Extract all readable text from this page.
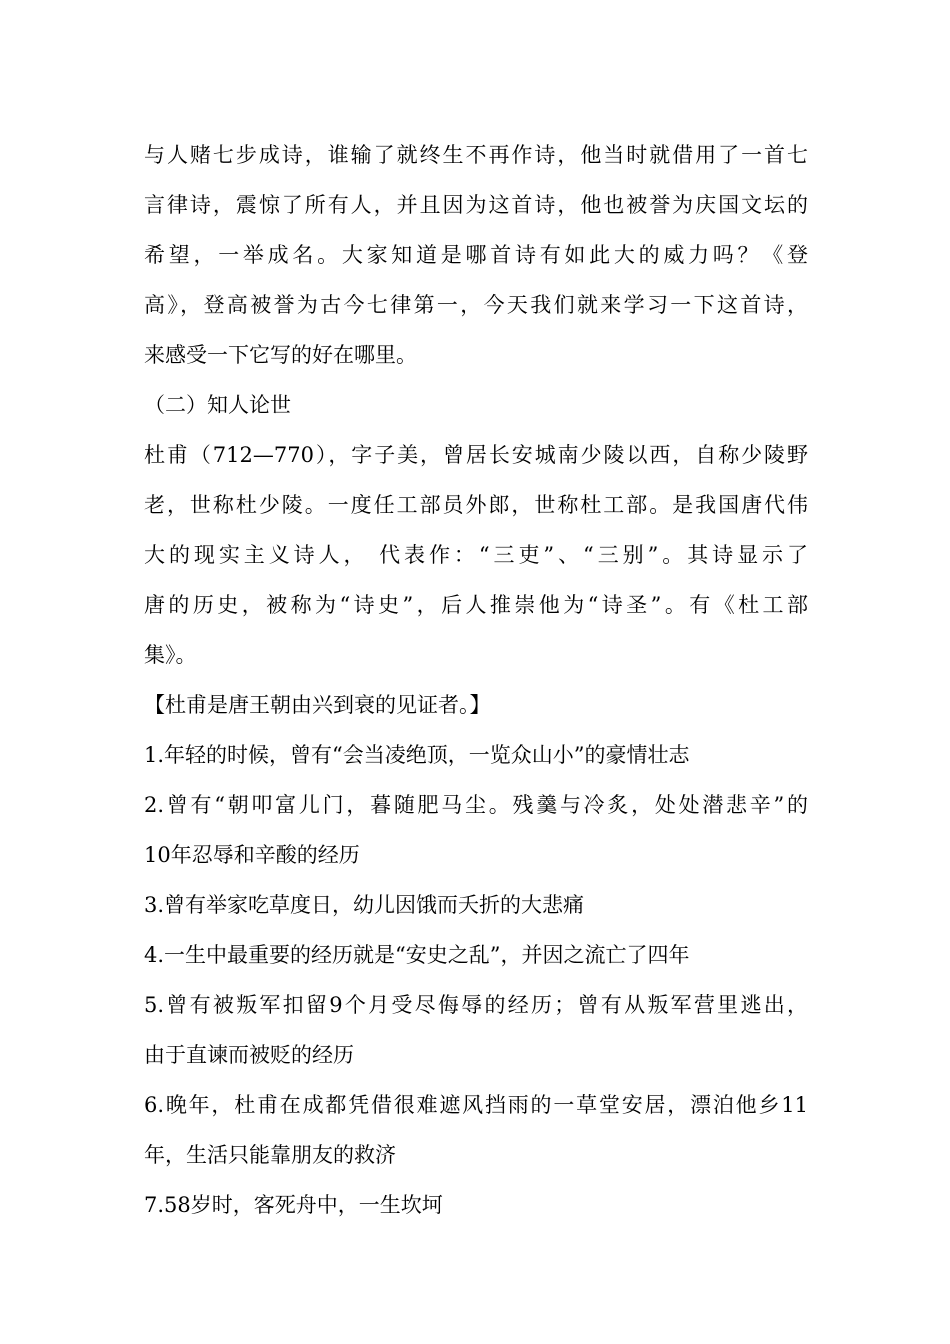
与人赌七步成诗，谁输了就终生不再作诗，他当时就借用了一首七
言律诗，震惊了所有人，并且因为这首诗，他也被誉为庆国文坛的
希望，一举成名。大家知道是哪首诗有如此大的威力吗？《登
高》，登高被誉为古今七律第一，今天我们就来学习一下这首诗，
来感受一下它写的好在哪里。
（二）知人论世
杜甫（712—770），字子美，曾居长安城南少陵以西，自称少陵野
老，世称杜少陵。一度任工部员外郎，世称杜工部。是我国唐代伟
大的现实主义诗人， 代表作：“三吏”、“三别”。其诗显示了
唐的历史，被称为“诗史”，后人推崇他为“诗圣”。有《杜工部
集》。
【杜甫是唐王朝由兴到衰的见证者。】
1.年轻的时候，曾有“会当凌绝顶，一览众山小”的豪情壮志
2.曾有“朝叩富儿门，暮随肥马尘。残羹与冷炙，处处潜悲辛”的
10年忍辱和辛酸的经历
3.曾有举家吃草度日，幼儿因饿而夭折的大悲痛
4.一生中最重要的经历就是“安史之乱”，并因之流亡了四年
5.曾有被叛军扣留9个月受尽侮辱的经历；曾有从叛军营里逃出，
由于直谏而被贬的经历
6.晚年，杜甫在成都凭借很难遮风挡雨的一草堂安居，漂泊他乡11
年，生活只能靠朋友的救济
7.58岁时，客死舟中，一生坎坷
